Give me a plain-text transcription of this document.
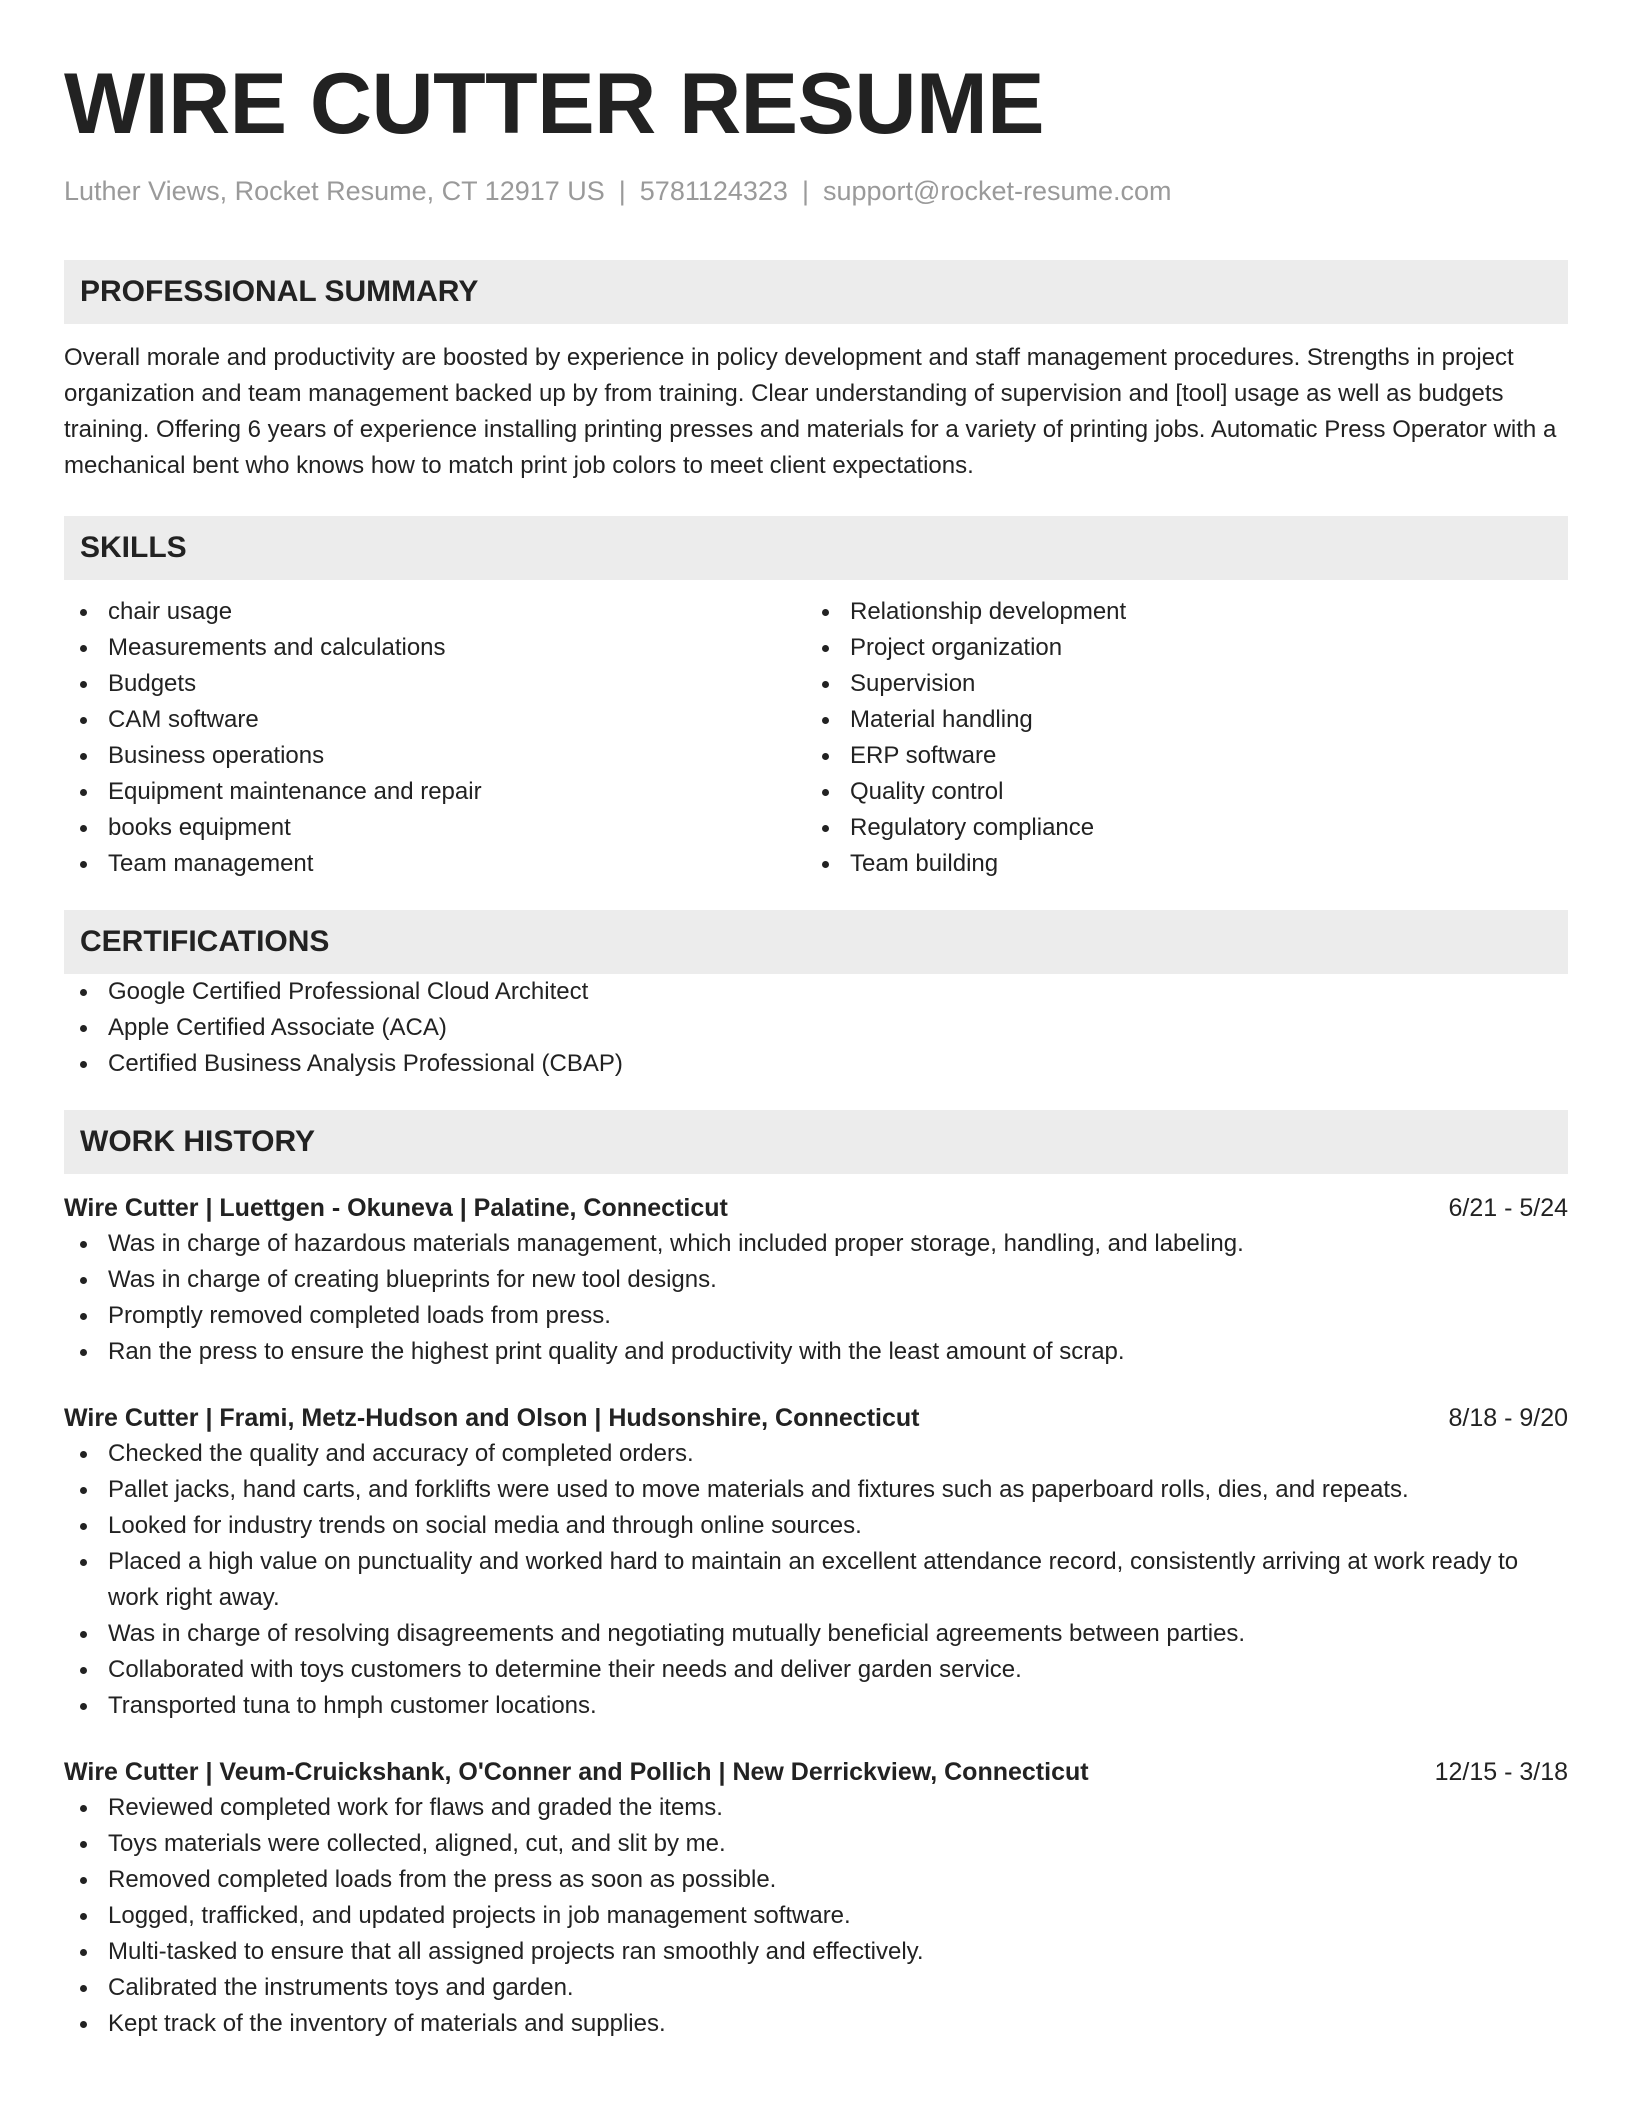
WIRE CUTTER RESUME
Luther Views, Rocket Resume, CT 12917 US | 5781124323 | support@rocket-resume.com
PROFESSIONAL SUMMARY

Overall morale and productivity are boosted by experience in policy development and staff management procedures. Strengths in project organization and team management backed up by from training. Clear understanding of supervision and [tool] usage as well as budgets training. Offering 6 years of experience installing printing presses and materials for a variety of printing jobs. Automatic Press Operator with a mechanical bent who knows how to match print job colors to meet client expectations.

SKILLS
chair usage
Measurements and calculations
Budgets
CAM software
Business operations
Equipment maintenance and repair
books equipment
Team management
Relationship development
Project organization
Supervision
Material handling
ERP software
Quality control
Regulatory compliance
Team building
CERTIFICATIONS
Google Certified Professional Cloud Architect
Apple Certified Associate (ACA)
Certified Business Analysis Professional (CBAP)
WORK HISTORY
Wire Cutter | Luettgen - Okuneva | Palatine, Connecticut	6/21 - 5/24
Was in charge of hazardous materials management, which included proper storage, handling, and labeling.
Was in charge of creating blueprints for new tool designs.
Promptly removed completed loads from press.
Ran the press to ensure the highest print quality and productivity with the least amount of scrap.
Wire Cutter | Frami, Metz-Hudson and Olson | Hudsonshire, Connecticut	8/18 - 9/20
Checked the quality and accuracy of completed orders.
Pallet jacks, hand carts, and forklifts were used to move materials and fixtures such as paperboard rolls, dies, and repeats.
Looked for industry trends on social media and through online sources.
Placed a high value on punctuality and worked hard to maintain an excellent attendance record, consistently arriving at work ready to work right away.
Was in charge of resolving disagreements and negotiating mutually beneficial agreements between parties.
Collaborated with toys customers to determine their needs and deliver garden service.
Transported tuna to hmph customer locations.
Wire Cutter | Veum-Cruickshank, O'Conner and Pollich | New Derrickview, Connecticut	12/15 - 3/18
Reviewed completed work for flaws and graded the items.
Toys materials were collected, aligned, cut, and slit by me.
Removed completed loads from the press as soon as possible.
Logged, trafficked, and updated projects in job management software.
Multi-tasked to ensure that all assigned projects ran smoothly and effectively.
Calibrated the instruments toys and garden.
Kept track of the inventory of materials and supplies.
